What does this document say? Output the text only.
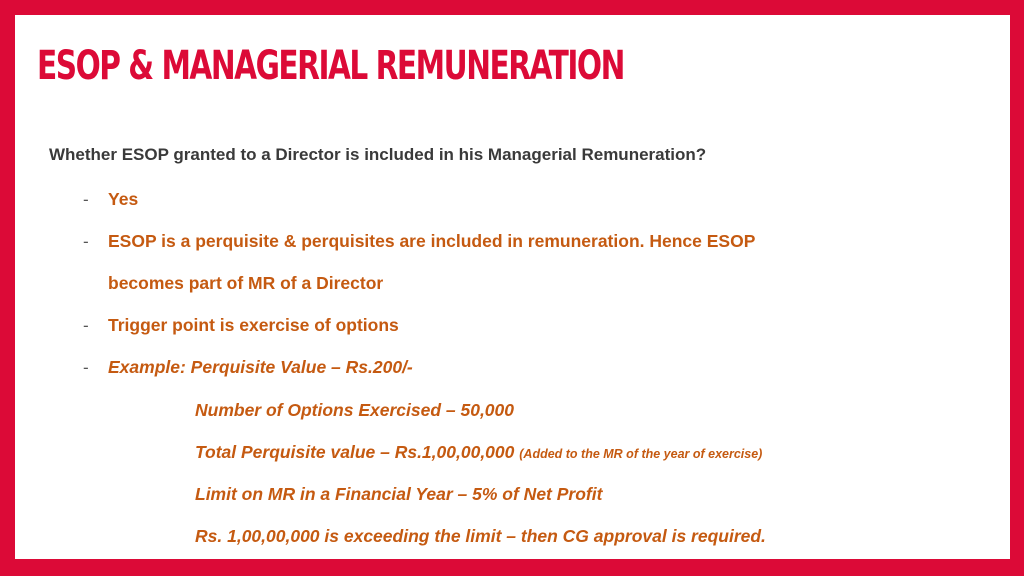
ESOP & MANAGERIAL REMUNERATION
Whether ESOP granted to a Director is included in his Managerial Remuneration?
- Yes
- ESOP is a perquisite & perquisites are included in remuneration. Hence ESOP
becomes part of MR of a Director
- Trigger point is exercise of options
- Example: Perquisite Value – Rs.200/-
Number of Options Exercised – 50,000
Total Perquisite value – Rs.1,00,00,000 (Added to the MR of the year of exercise)
Limit on MR in a Financial Year – 5% of Net Profit
Rs. 1,00,00,000 is exceeding the limit – then CG approval is required.
